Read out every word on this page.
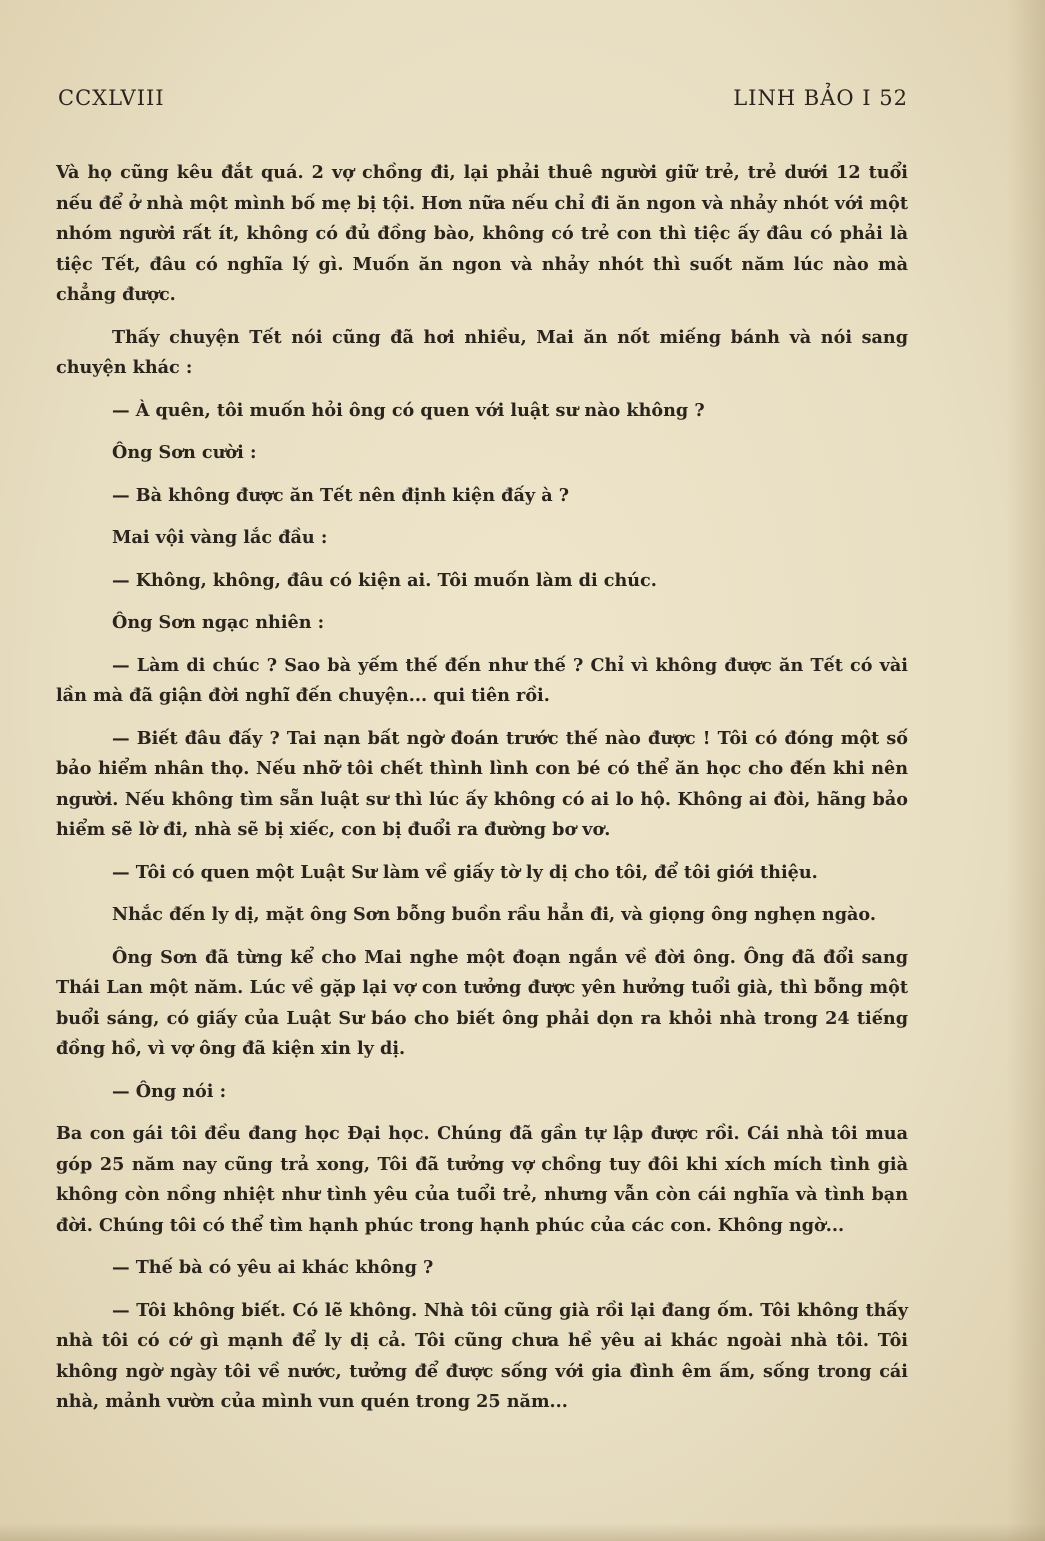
CCXLVIII	LINH BẢO I 52

Và họ cũng kêu đắt quá. 2 vợ chồng đi, lại phải thuê người giữ trẻ, trẻ dưới 12 tuổi nếu để ở nhà một mình bố mẹ bị tội. Hơn nữa nếu chỉ đi ăn ngon và nhảy nhót với một nhóm người rất ít, không có đủ đồng bào, không có trẻ con thì tiệc ấy đâu có phải là tiệc Tết, đâu có nghĩa lý gì. Muốn ăn ngon và nhảy nhót thì suốt năm lúc nào mà chẳng được.

Thấy chuyện Tết nói cũng đã hơi nhiều, Mai ăn nốt miếng bánh và nói sang chuyện khác :

— À quên, tôi muốn hỏi ông có quen với luật sư nào không ?

Ông Sơn cười :

— Bà không được ăn Tết nên định kiện đấy à ?

Mai vội vàng lắc đầu :

— Không, không, đâu có kiện ai. Tôi muốn làm di chúc.

Ông Sơn ngạc nhiên :

— Làm di chúc ? Sao bà yếm thế đến như thế ? Chỉ vì không được ăn Tết có vài lần mà đã giận đời nghĩ đến chuyện... qui tiên rồi.

— Biết đâu đấy ? Tai nạn bất ngờ đoán trước thế nào được ! Tôi có đóng một số bảo hiểm nhân thọ. Nếu nhỡ tôi chết thình lình con bé có thể ăn học cho đến khi nên người. Nếu không tìm sẵn luật sư thì lúc ấy không có ai lo hộ. Không ai đòi, hãng bảo hiểm sẽ lờ đi, nhà sẽ bị xiếc, con bị đuổi ra đường bơ vơ.

— Tôi có quen một Luật Sư làm về giấy tờ ly dị cho tôi, để tôi giới thiệu.

Nhắc đến ly dị, mặt ông Sơn bỗng buồn rầu hẳn đi, và giọng ông nghẹn ngào.

Ông Sơn đã từng kể cho Mai nghe một đoạn ngắn về đời ông. Ông đã đổi sang Thái Lan một năm. Lúc về gặp lại vợ con tưởng được yên hưởng tuổi già, thì bỗng một buổi sáng, có giấy của Luật Sư báo cho biết ông phải dọn ra khỏi nhà trong 24 tiếng đồng hồ, vì vợ ông đã kiện xin ly dị.

— Ông nói :

Ba con gái tôi đều đang học Đại học. Chúng đã gần tự lập được rồi. Cái nhà tôi mua góp 25 năm nay cũng trả xong, Tôi đã tưởng vợ chồng tuy đôi khi xích mích tình già không còn nồng nhiệt như tình yêu của tuổi trẻ, nhưng vẫn còn cái nghĩa và tình bạn đời. Chúng tôi có thể tìm hạnh phúc trong hạnh phúc của các con. Không ngờ...

— Thế bà có yêu ai khác không ?

— Tôi không biết. Có lẽ không. Nhà tôi cũng già rồi lại đang ốm. Tôi không thấy nhà tôi có cớ gì mạnh để ly dị cả. Tôi cũng chưa hề yêu ai khác ngoài nhà tôi. Tôi không ngờ ngày tôi về nước, tưởng để được sống với gia đình êm ấm, sống trong cái nhà, mảnh vườn của mình vun quén trong 25 năm...
